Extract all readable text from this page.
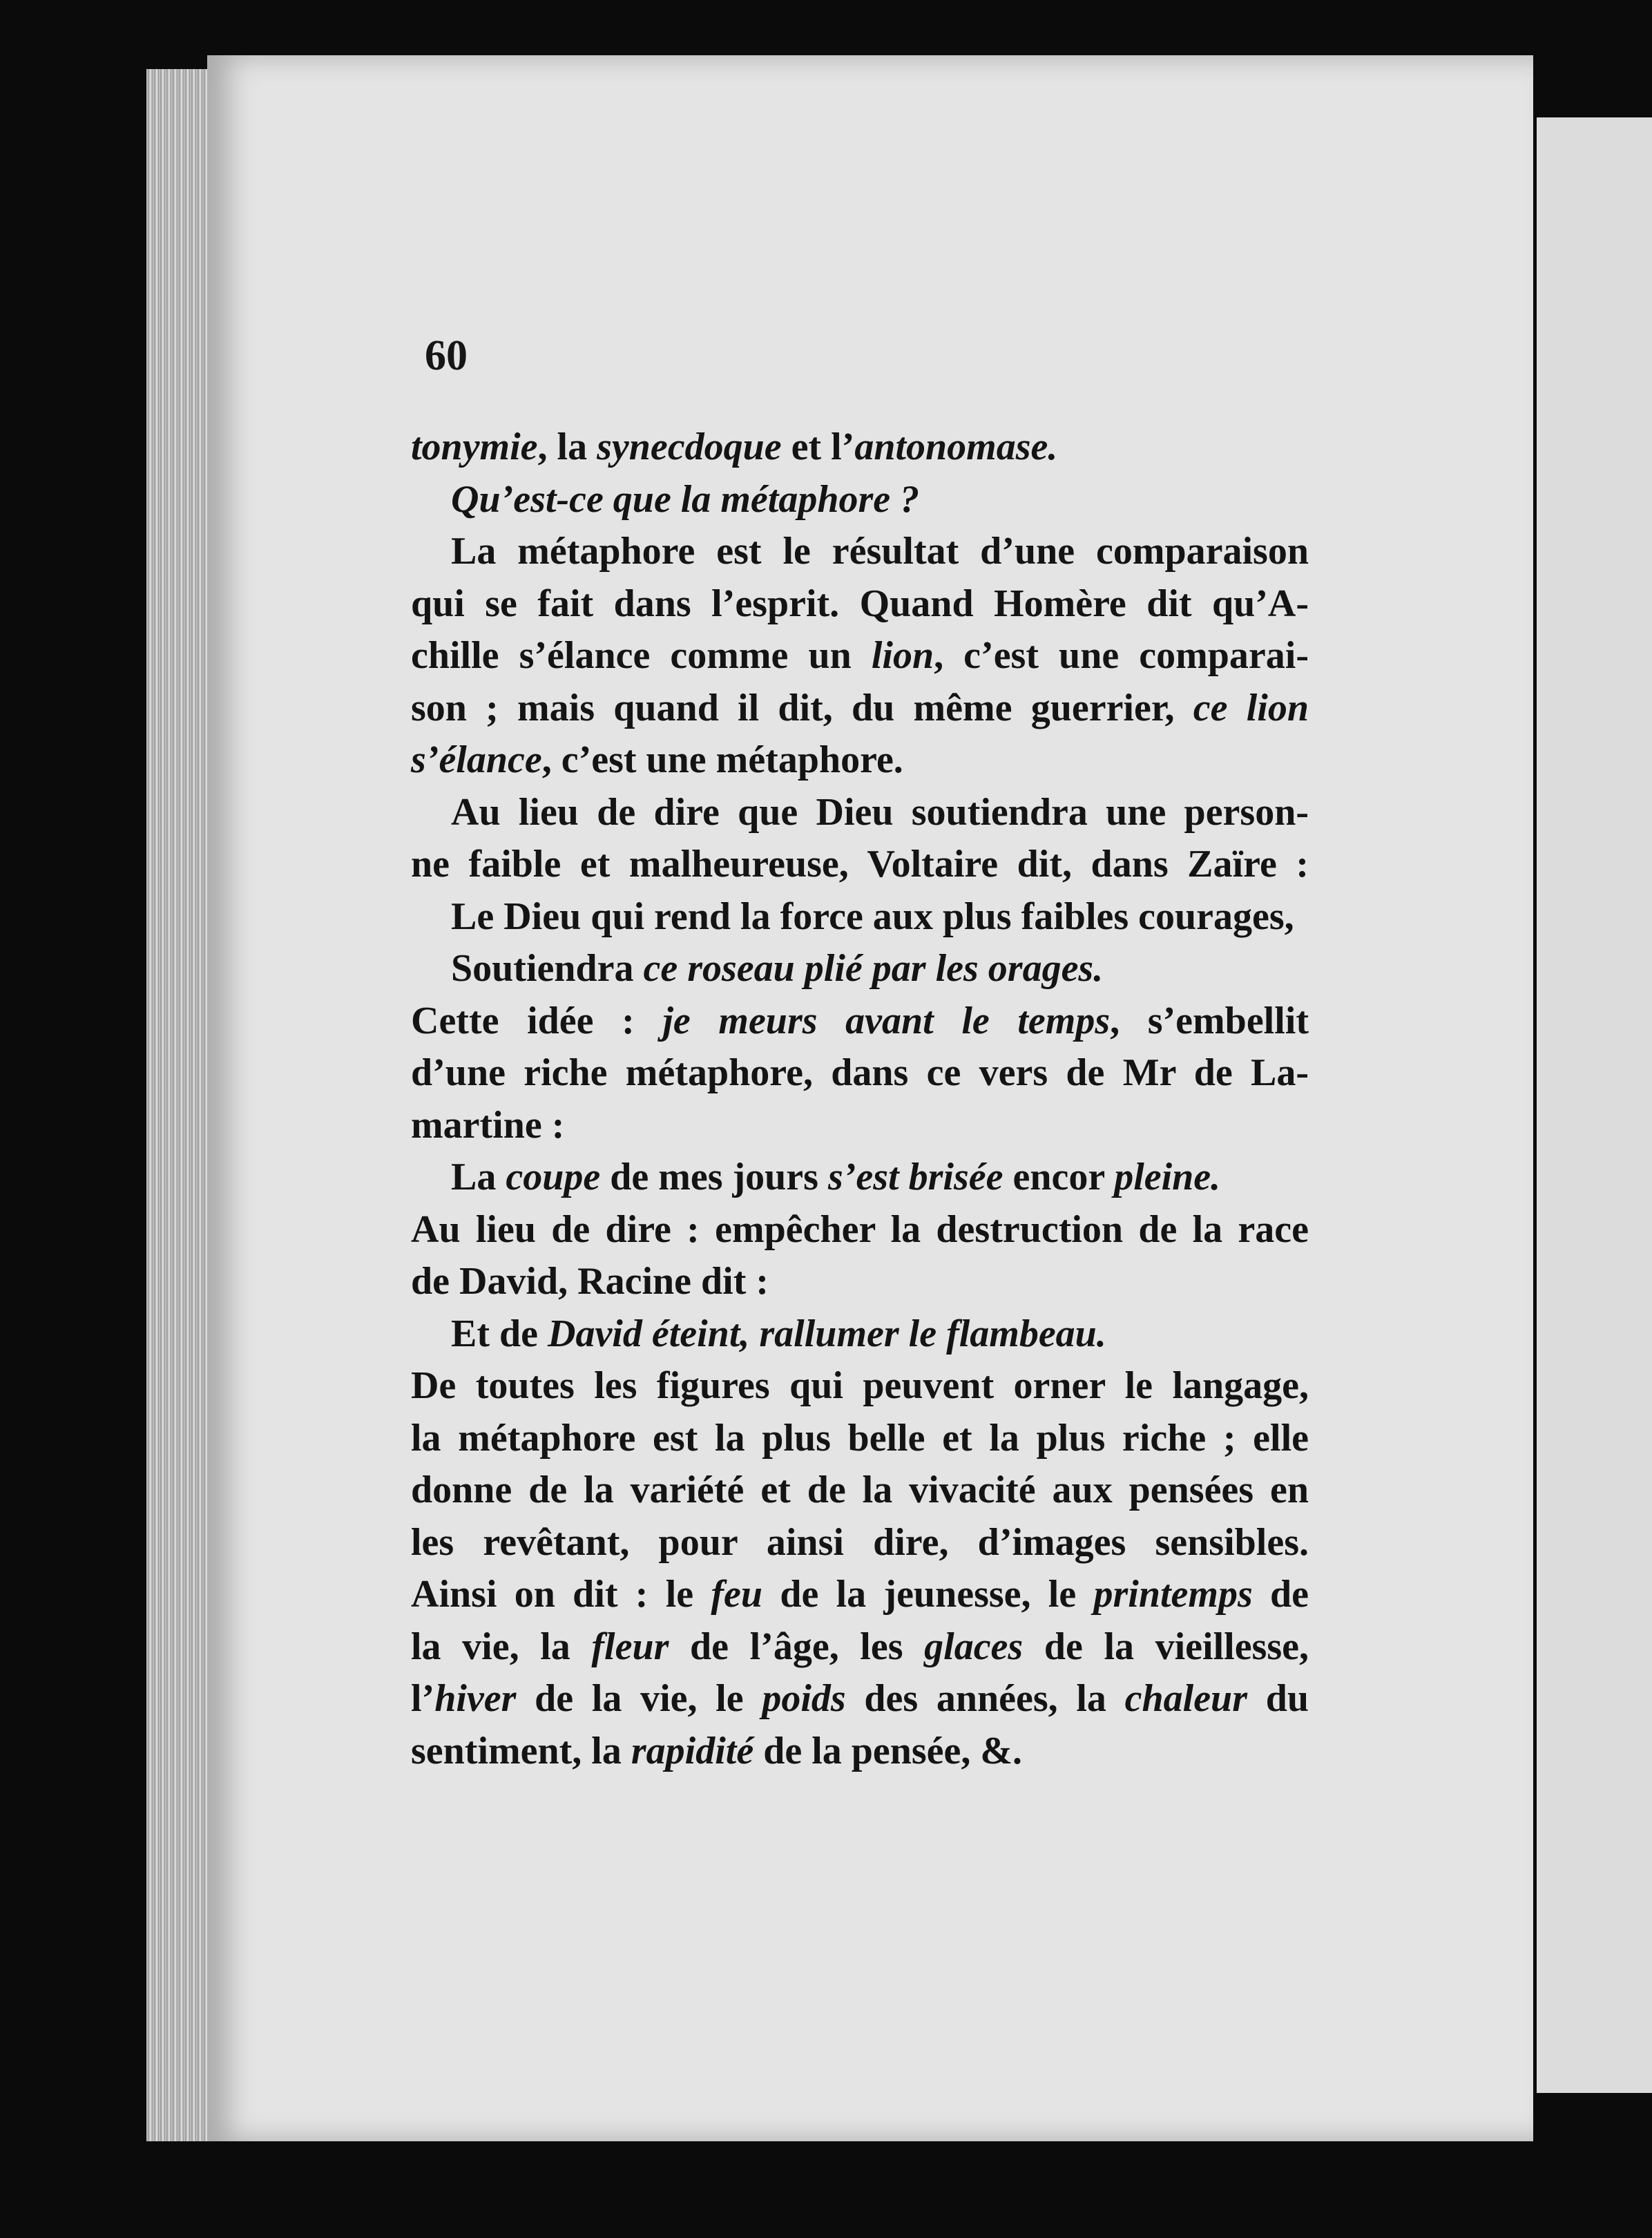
60
tonymie, la synecdoque et l’antonomase.
Qu’est-ce que la métaphore ?
La métaphore est le résultat d’une comparaison
qui se fait dans l’esprit. Quand Homère dit qu’A-
chille s’élance comme un lion, c’est une comparai-
son ; mais quand il dit, du même guerrier, ce lion
s’élance, c’est une métaphore.
Au lieu de dire que Dieu soutiendra une person-
ne faible et malheureuse, Voltaire dit, dans Zaïre :
Le Dieu qui rend la force aux plus faibles courages,
Soutiendra ce roseau plié par les orages.
Cette idée : je meurs avant le temps, s’embellit
d’une riche métaphore, dans ce vers de Mr de La-
martine :
La coupe de mes jours s’est brisée encor pleine.
Au lieu de dire : empêcher la destruction de la race
de David, Racine dit :
Et de David éteint, rallumer le flambeau.
De toutes les figures qui peuvent orner le langage,
la métaphore est la plus belle et la plus riche ; elle
donne de la variété et de la vivacité aux pensées en
les revêtant, pour ainsi dire, d’images sensibles.
Ainsi on dit : le feu de la jeunesse, le printemps de
la vie, la fleur de l’âge, les glaces de la vieillesse,
l’hiver de la vie, le poids des années, la chaleur du
sentiment, la rapidité de la pensée, &.
